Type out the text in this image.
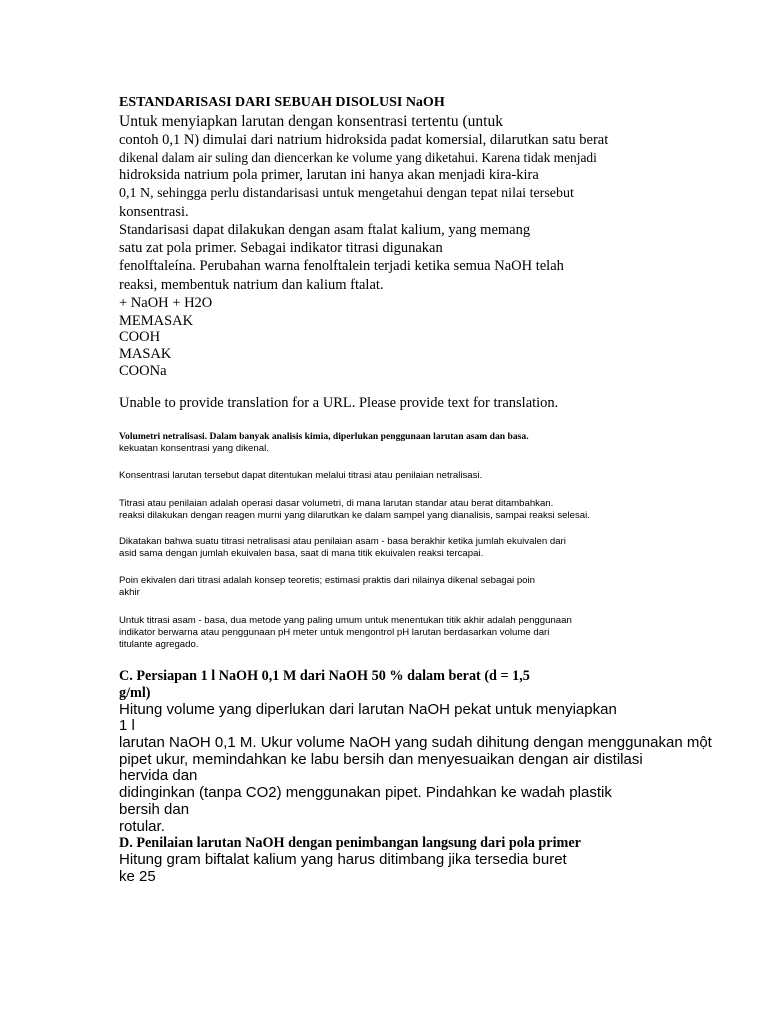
ESTANDARISASI DARI SEBUAH DISOLUSI NaOH
Untuk menyiapkan larutan dengan konsentrasi tertentu (untuk
contoh 0,1 N) dimulai dari natrium hidroksida padat komersial, dilarutkan satu berat
dikenal dalam air suling dan diencerkan ke volume yang diketahui. Karena tidak menjadi
hidroksida natrium pola primer, larutan ini hanya akan menjadi kira-kira
0,1 N, sehingga perlu distandarisasi untuk mengetahui dengan tepat nilai tersebut
konsentrasi.
Standarisasi dapat dilakukan dengan asam ftalat kalium, yang memang
satu zat pola primer. Sebagai indikator titrasi digunakan
fenolftaleína. Perubahan warna fenolftalein terjadi ketika semua NaOH telah
reaksi, membentuk natrium dan kalium ftalat.
+ NaOH + H2O
MEMASAK
COOH
MASAK
COONa
Unable to provide translation for a URL. Please provide text for translation.
Volumetri netralisasi. Dalam banyak analisis kimia, diperlukan penggunaan larutan asam dan basa.
kekuatan konsentrasi yang dikenal.
Konsentrasi larutan tersebut dapat ditentukan melalui titrasi atau penilaian netralisasi.
Titrasi atau penilaian adalah operasi dasar volumetri, di mana larutan standar atau berat ditambahkan.
reaksi dilakukan dengan reagen murni yang dilarutkan ke dalam sampel yang dianalisis, sampai reaksi selesai.
Dikatakan bahwa suatu titrasi netralisasi atau penilaian asam - basa berakhir ketika jumlah ekuivalen dari
asid sama dengan jumlah ekuivalen basa, saat di mana titik ekuivalen reaksi tercapai.
Poin ekivalen dari titrasi adalah konsep teoretis; estimasi praktis dari nilainya dikenal sebagai poin
akhir
Untuk titrasi asam - basa, dua metode yang paling umum untuk menentukan titik akhir adalah penggunaan
indikator berwarna atau penggunaan pH meter untuk mengontrol pH larutan berdasarkan volume dari
titulante agregado.
C. Persiapan 1 l NaOH 0,1 M dari NaOH 50 % dalam berat (d = 1,5
g/ml)
Hitung volume yang diperlukan dari larutan NaOH pekat untuk menyiapkan
1 l
larutan NaOH 0,1 M. Ukur volume NaOH yang sudah dihitung dengan menggunakan một
pipet ukur, memindahkan ke labu bersih dan menyesuaikan dengan air distilasi
hervida dan
didinginkan (tanpa CO2) menggunakan pipet. Pindahkan ke wadah plastik
bersih dan
rotular.
D. Penilaian larutan NaOH dengan penimbangan langsung dari pola primer
Hitung gram biftalat kalium yang harus ditimbang jika tersedia buret
ke 25
